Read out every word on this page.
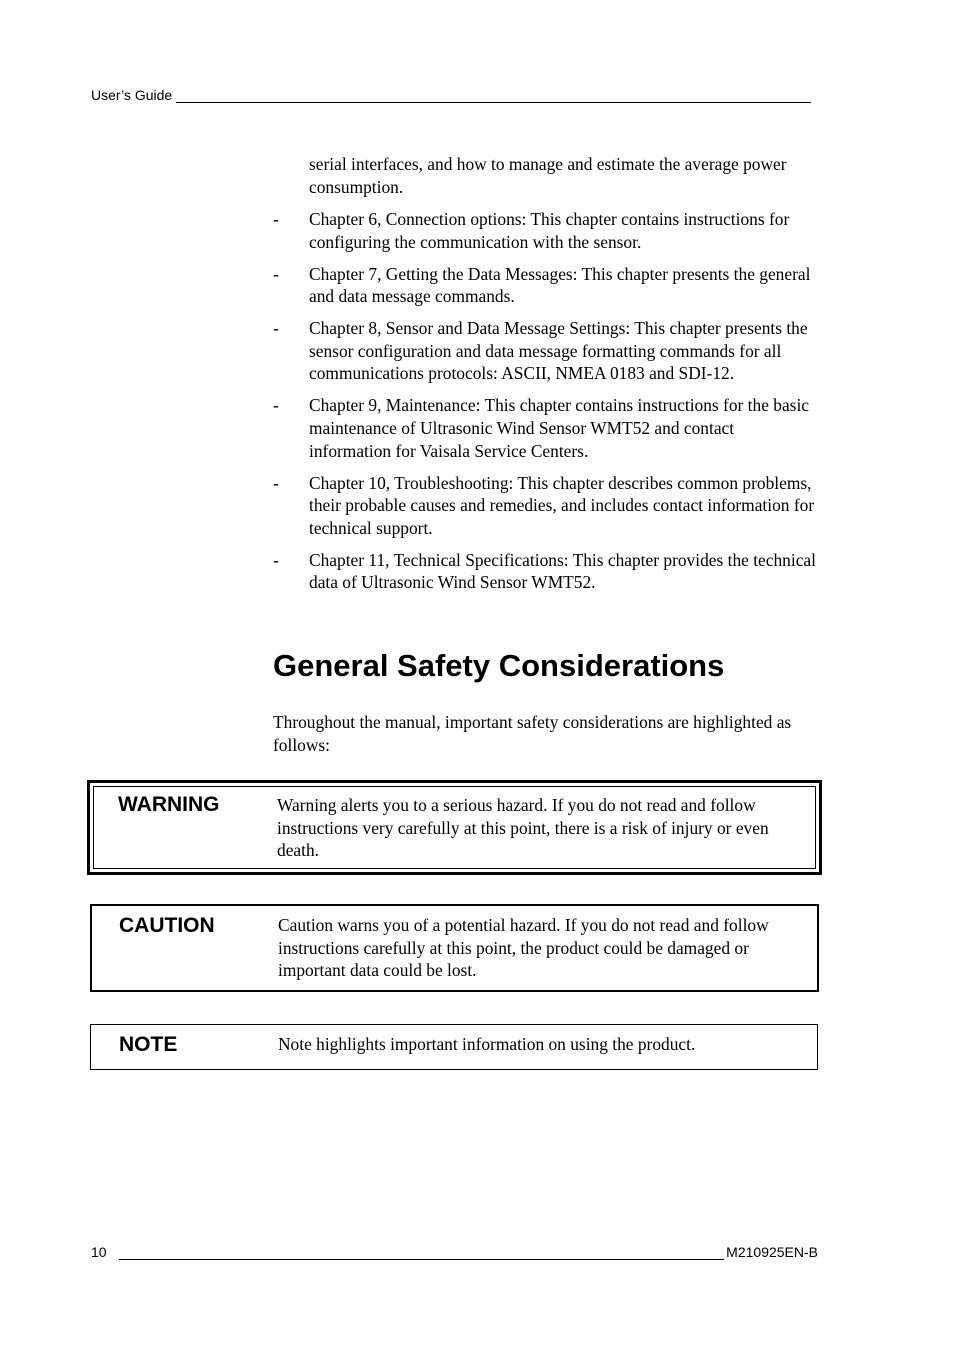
User’s Guide
serial interfaces, and how to manage and estimate the average power consumption.
-	Chapter 6, Connection options: This chapter contains instructions for configuring the communication with the sensor.
-	Chapter 7, Getting the Data Messages: This chapter presents the general and data message commands.
-	Chapter 8, Sensor and Data Message Settings: This chapter presents the sensor configuration and data message formatting commands for all communications protocols: ASCII, NMEA 0183 and SDI-12.
-	Chapter 9, Maintenance: This chapter contains instructions for the basic maintenance of Ultrasonic Wind Sensor WMT52 and contact information for Vaisala Service Centers.
-	Chapter 10, Troubleshooting: This chapter describes common problems, their probable causes and remedies, and includes contact information for technical support.
-	Chapter 11, Technical Specifications: This chapter provides the technical data of Ultrasonic Wind Sensor WMT52.
General Safety Considerations
Throughout the manual, important safety considerations are highlighted as follows:
WARNING	Warning alerts you to a serious hazard. If you do not read and follow instructions very carefully at this point, there is a risk of injury or even death.
CAUTION	Caution warns you of a potential hazard. If you do not read and follow instructions carefully at this point, the product could be damaged or important data could be lost.
NOTE	Note highlights important information on using the product.
10	M210925EN-B
